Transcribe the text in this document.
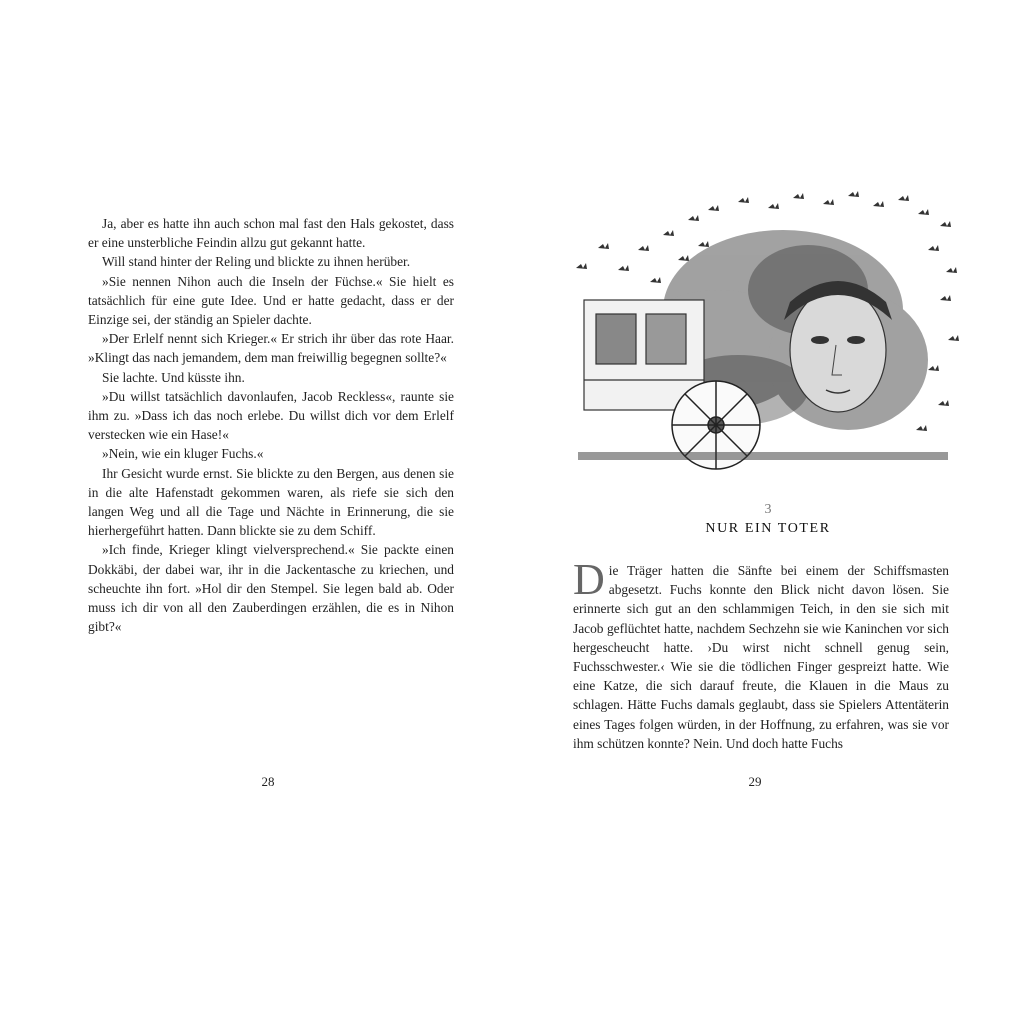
Ja, aber es hatte ihn auch schon mal fast den Hals gekostet, dass er eine unsterbliche Feindin allzu gut gekannt hatte.

Will stand hinter der Reling und blickte zu ihnen herüber.

»Sie nennen Nihon auch die Inseln der Füchse.« Sie hielt es tatsächlich für eine gute Idee. Und er hatte gedacht, dass er der Einzige sei, der ständig an Spieler dachte.

»Der Erlelf nennt sich Krieger.« Er strich ihr über das rote Haar. »Klingt das nach jemandem, dem man freiwillig begegnen sollte?«

Sie lachte. Und küsste ihn.

»Du willst tatsächlich davonlaufen, Jacob Reckless«, raunte sie ihm zu. »Dass ich das noch erlebe. Du willst dich vor dem Erlelf verstecken wie ein Hase!«

»Nein, wie ein kluger Fuchs.«

Ihr Gesicht wurde ernst. Sie blickte zu den Bergen, aus denen sie in die alte Hafenstadt gekommen waren, als riefe sie sich den langen Weg und all die Tage und Nächte in Erinnerung, die sie hierhergeführt hatten. Dann blickte sie zu dem Schiff.

»Ich finde, Krieger klingt vielversprechend.« Sie packte einen Dokkäbi, der dabei war, ihr in die Jackentasche zu kriechen, und scheuchte ihn fort. »Hol dir den Stempel. Sie legen bald ab. Oder muss ich dir von all den Zauberdingen erzählen, die es in Nihon gibt?«

28
3
NUR EIN TOTER
D ie Träger hatten die Sänfte bei einem der Schiffsmasten abgesetzt. Fuchs konnte den Blick nicht davon lösen. Sie erinnerte sich gut an den schlammigen Teich, in den sie sich mit Jacob geflüchtet hatte, nachdem Sechzehn sie wie Kaninchen vor sich hergescheucht hatte. ›Du wirst nicht schnell genug sein, Fuchsschwester.‹ Wie sie die tödlichen Finger gespreizt hatte. Wie eine Katze, die sich darauf freute, die Klauen in die Maus zu schlagen. Hätte Fuchs damals geglaubt, dass sie Spielers Attentäterin eines Tages folgen würden, in der Hoffnung, zu erfahren, was sie vor ihm schützen konnte? Nein. Und doch hatte Fuchs

29
